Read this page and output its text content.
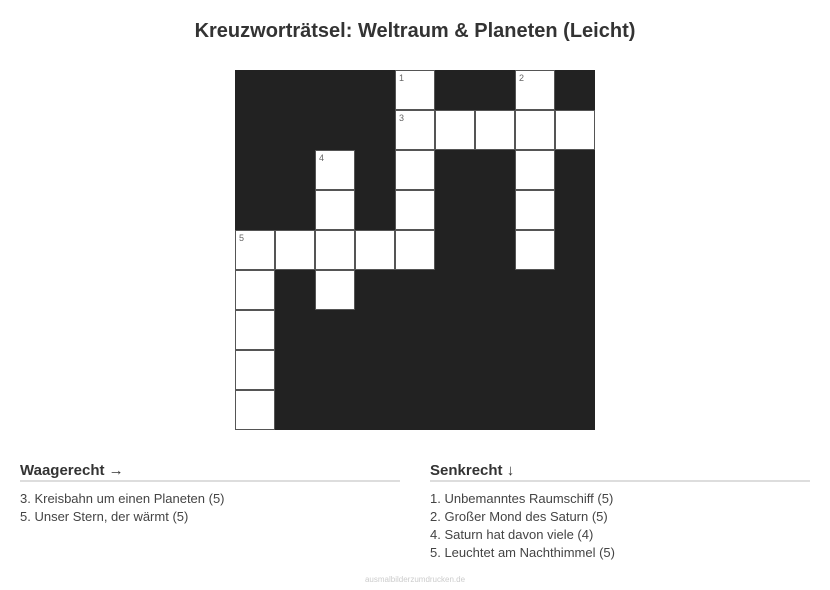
Kreuzworträtsel: Weltraum & Planeten (Leicht)
1	2
3
4
5
Waagerecht →
3. Kreisbahn um einen Planeten (5)
5. Unser Stern, der wärmt (5)
Senkrecht ↓
1. Unbemanntes Raumschiff (5)
2. Großer Mond des Saturn (5)
4. Saturn hat davon viele (4)
5. Leuchtet am Nachthimmel (5)
ausmalbilderzumdrucken.de
